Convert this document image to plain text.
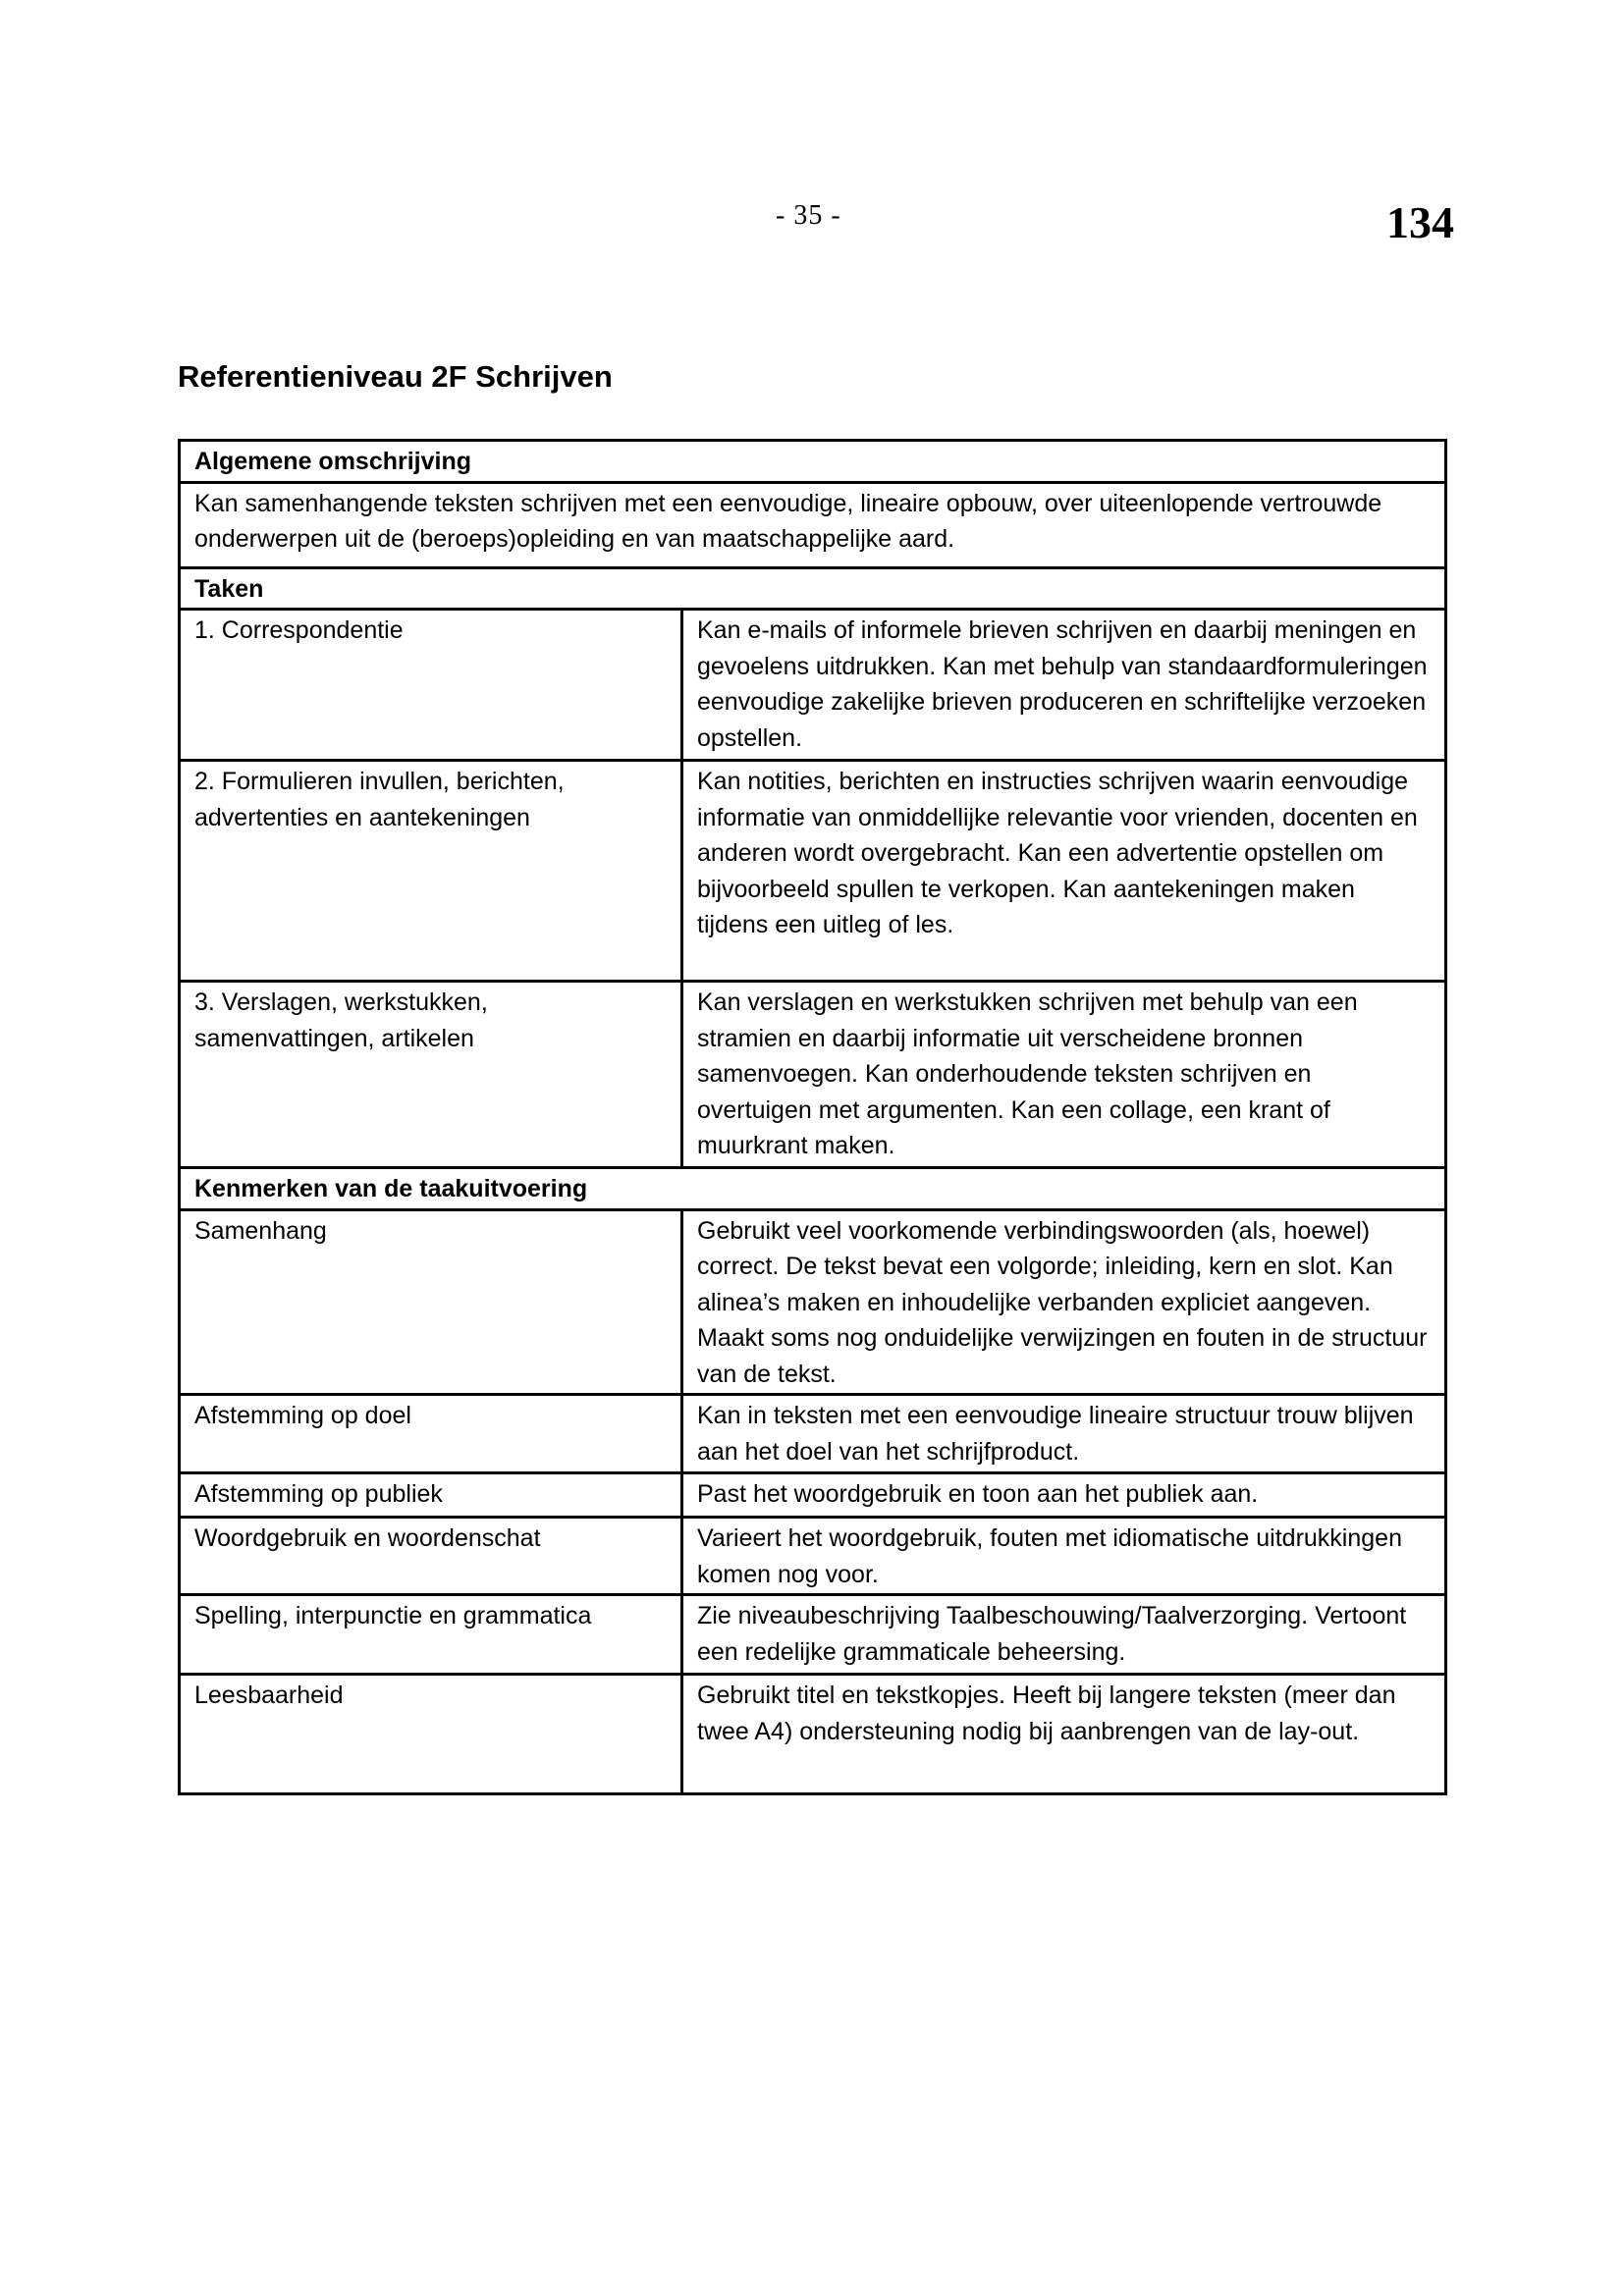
- 35 -	134
Referentieniveau 2F Schrijven
Algemene omschrijving	
Kan samenhangende teksten schrijven met een eenvoudige, lineaire opbouw, over uiteenlopende vertrouwde onderwerpen uit de (beroeps)opleiding en van maatschappelijke aard.	
Taken	
1. Correspondentie	Kan e-mails of informele brieven schrijven en daarbij meningen en gevoelens uitdrukken. Kan met behulp van standaardformuleringen eenvoudige zakelijke brieven produceren en schriftelijke verzoeken opstellen.
2. Formulieren invullen, berichten, advertenties en aantekeningen	Kan notities, berichten en instructies schrijven waarin eenvoudige informatie van onmiddellijke relevantie voor vrienden, docenten en anderen wordt overgebracht. Kan een advertentie opstellen om bijvoorbeeld spullen te verkopen. Kan aantekeningen maken tijdens een uitleg of les.
3. Verslagen, werkstukken, samenvattingen, artikelen	Kan verslagen en werkstukken schrijven met behulp van een stramien en daarbij informatie uit verscheidene bronnen samenvoegen. Kan onderhoudende teksten schrijven en overtuigen met argumenten. Kan een collage, een krant of muurkrant maken.
Kenmerken van de taakuitvoering	
Samenhang	Gebruikt veel voorkomende verbindingswoorden (als, hoewel) correct. De tekst bevat een volgorde; inleiding, kern en slot. Kan alinea’s maken en inhoudelijke verbanden expliciet aangeven. Maakt soms nog onduidelijke verwijzingen en fouten in de structuur van de tekst.
Afstemming op doel	Kan in teksten met een eenvoudige lineaire structuur trouw blijven aan het doel van het schrijfproduct.
Afstemming op publiek	Past het woordgebruik en toon aan het publiek aan.
Woordgebruik en woordenschat	Varieert het woordgebruik, fouten met idiomatische uitdrukkingen komen nog voor.
Spelling, interpunctie en grammatica	Zie niveaubeschrijving Taalbeschouwing/Taalverzorging. Vertoont een redelijke grammaticale beheersing.
Leesbaarheid	Gebruikt titel en tekstkopjes. Heeft bij langere teksten (meer dan twee A4) ondersteuning nodig bij aanbrengen van de lay-out.
